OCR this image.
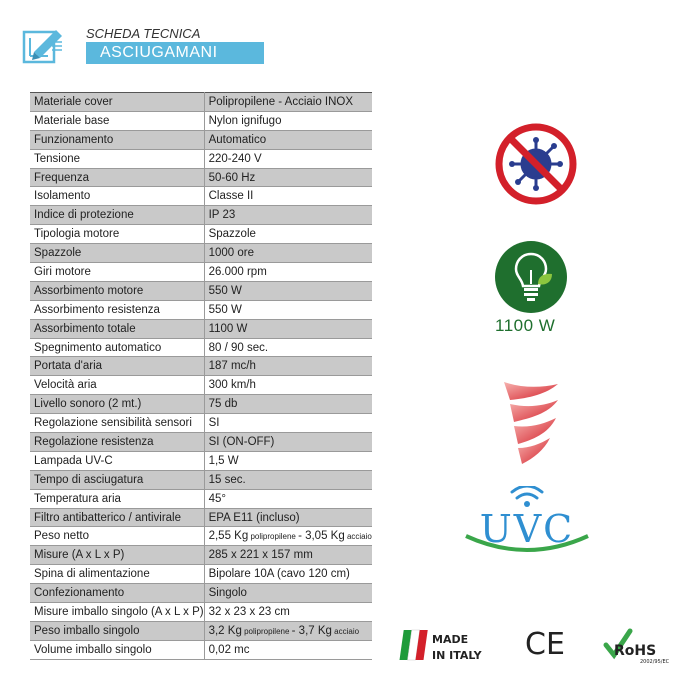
SCHEDA TECNICA
ASCIUGAMANI
Materiale cover	Polipropilene - Acciaio INOX
Materiale base	Nylon ignifugo
Funzionamento	Automatico
Tensione	220-240 V
Frequenza	50-60 Hz
Isolamento	Classe II
Indice di protezione	IP 23
Tipologia motore	Spazzole
Spazzole	1000 ore
Giri motore	26.000 rpm
Assorbimento motore	550 W
Assorbimento resistenza	550 W
Assorbimento totale	1100 W
Spegnimento automatico	80 / 90 sec.
Portata d'aria	187 mc/h
Velocità aria	300 km/h
Livello sonoro (2 mt.)	75 db
Regolazione sensibilità sensori	SI
Regolazione resistenza	SI (ON-OFF)
Lampada UV-C	1,5 W
Tempo di asciugatura	15 sec.
Temperatura aria	45°
Filtro antibatterico / antivirale	EPA E11 (incluso)
Peso netto	2,55 Kg polipropilene - 3,05 Kg acciaio
Misure (A x L x P)	285 x 221 x 157 mm
Spina di alimentazione	Bipolare 10A (cavo 120 cm)
Confezionamento	Singolo
Misure imballo singolo (A x L x P)	32 x 23 x 23 cm
Peso imballo singolo	3,2 Kg polipropilene - 3,7 Kg acciaio
Volume imballo singolo	0,02 mc
1100 W
UVC
MADE
IN ITALY CE	RoHS
2002/95/EC
